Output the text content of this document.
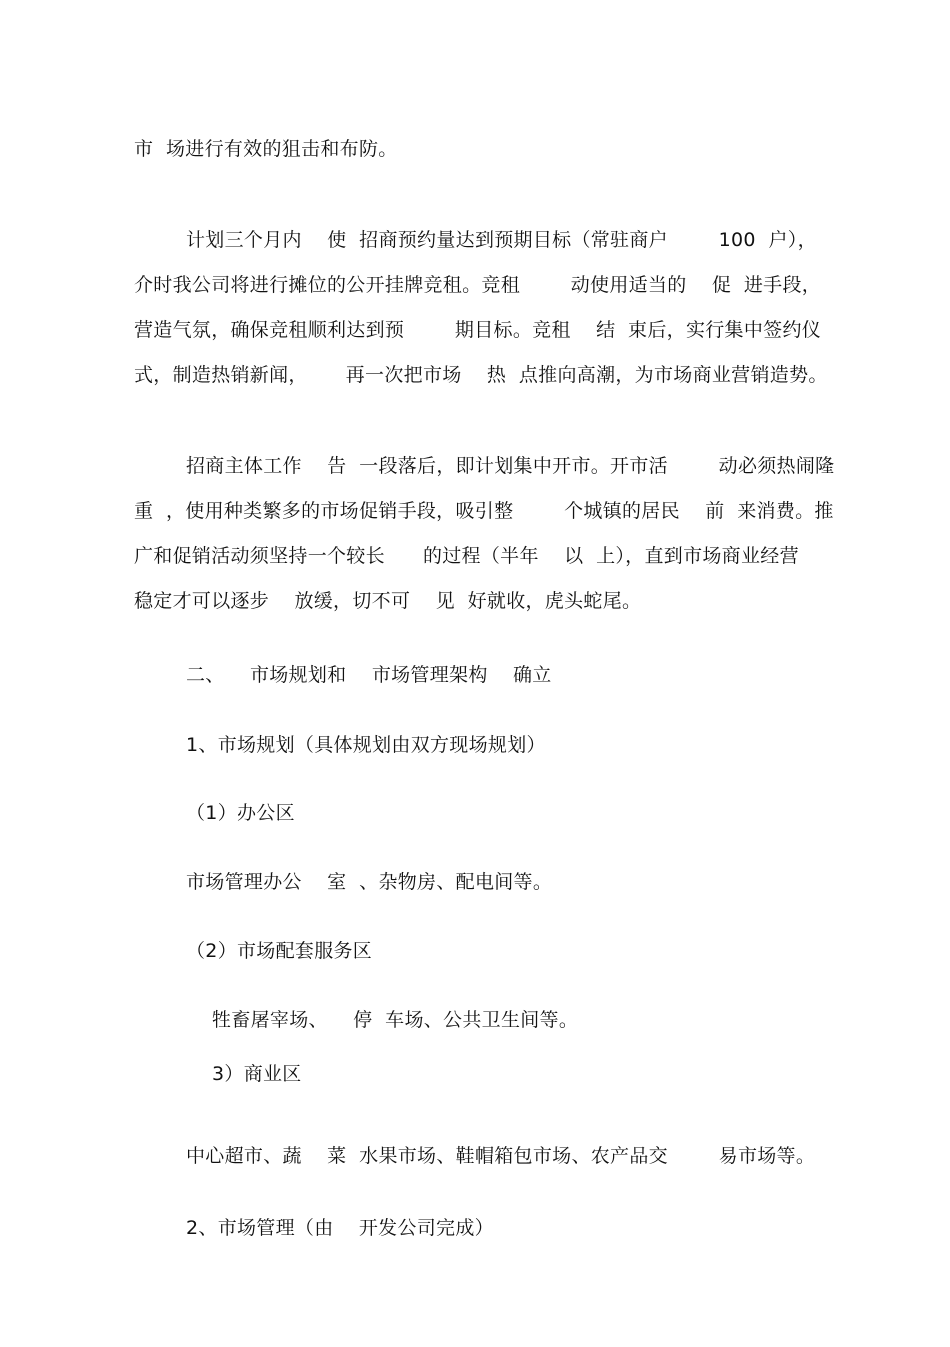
市  场进行有效的狙击和布防。

计划三个月内    使  招商预约量达到预期目标（常驻商户        100  户），

介时我公司将进行摊位的公开挂牌竞租。竞租        动使用适当的    促  进手段，

营造气氛，确保竞租顺利达到预        期目标。竞租    结  束后，实行集中签约仪

式，制造热销新闻，      再一次把市场    热  点推向高潮，为市场商业营销造势。

招商主体工作    告  一段落后，即计划集中开市。开市活        动必须热闹隆

重  ，使用种类繁多的市场促销手段，吸引整        个城镇的居民    前  来消费。推

广和促销活动须坚持一个较长      的过程（半年    以  上），直到市场商业经营

稳定才可以逐步    放缓，切不可    见  好就收，虎头蛇尾。

二、    市场规划和    市场管理架构    确立

1、市场规划（具体规划由双方现场规划）

（1）办公区

市场管理办公    室  、杂物房、配电间等。

（2）市场配套服务区

牲畜屠宰场、    停  车场、公共卫生间等。

3）商业区

中心超市、蔬    菜  水果市场、鞋帽箱包市场、农产品交        易市场等。

2、市场管理（由    开发公司完成）
